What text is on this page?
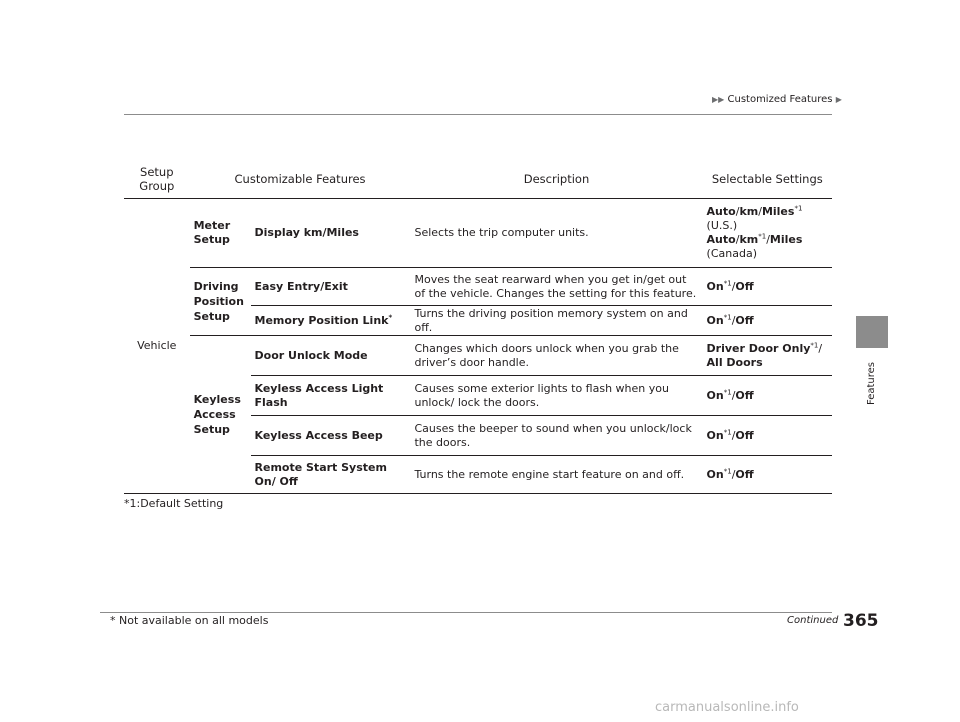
▶▶ Customized Features ▶
Features
Setup Group	Customizable Features		Description	Selectable Settings
Vehicle	Meter Setup	Display km/Miles	Selects the trip computer units.	Auto/km/Miles$^{*1}$
(U.S.)
Auto/$km^{*1}$/Miles
(Canada)
	Driving Position Setup	Easy Entry/Exit	Moves the seat rearward when you get in/get out of the vehicle. Changes the setting for this feature.	On$^{*1}$/Off
		Memory Position Link*	Turns the driving position memory system on and off.	On$^{*1}$/Off
	Keyless Access Setup	Door Unlock Mode	Changes which doors unlock when you grab the driver’s door handle.	Driver Door Only$^{*1}$/
All Doors
		Keyless Access Light Flash	Causes some exterior lights to flash when you unlock/ lock the doors.	On$^{*1}$/Off
		Keyless Access Beep	Causes the beeper to sound when you unlock/lock the doors.	On$^{*1}$/Off
		Remote Start System On/ Off	Turns the remote engine start feature on and off.	On$^{*1}$/Off
*1:Default Setting
* Not available on all models	Continued 365
carmanualsonline.info
